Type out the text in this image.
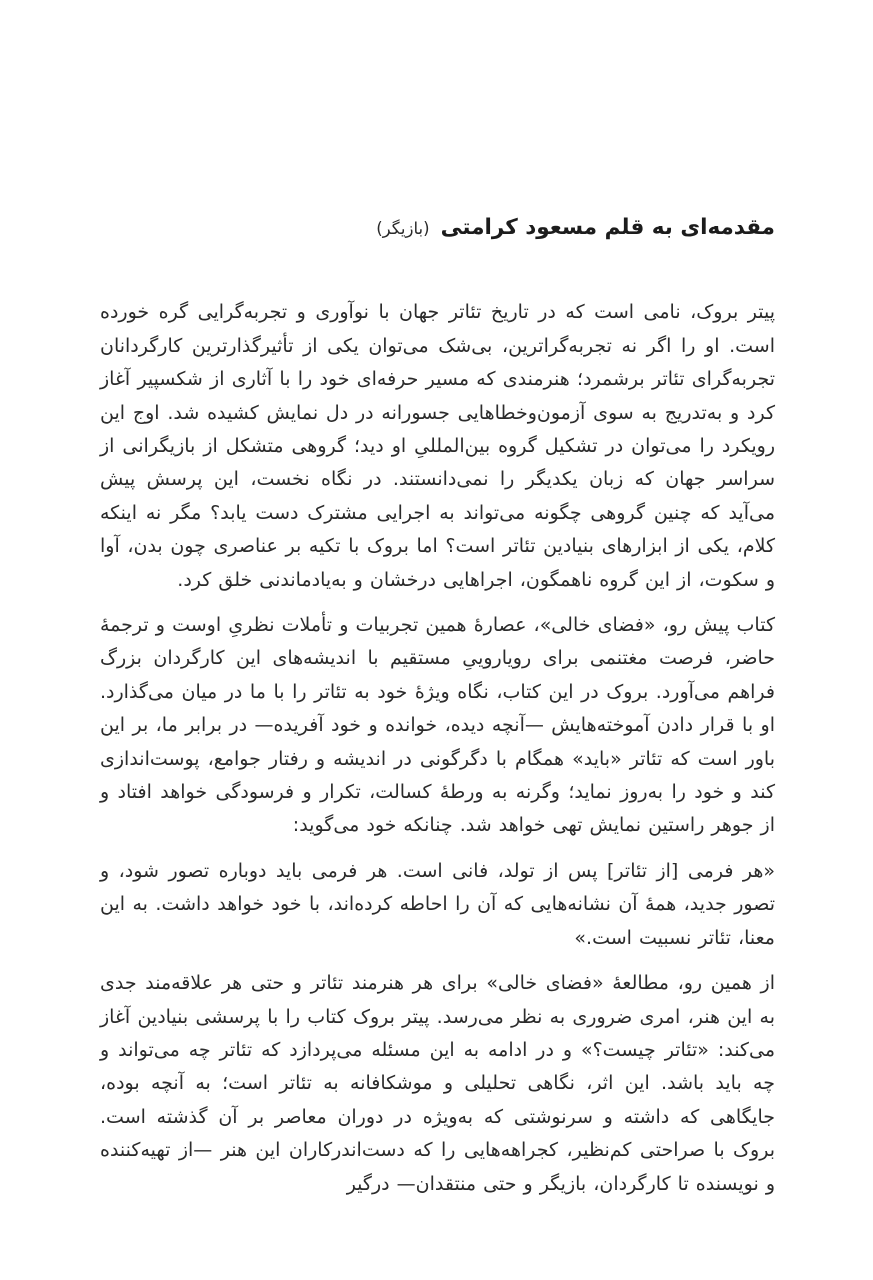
مقدمه‌ای به قلم مسعود کرامتی (بازیگر)

پیتر بروک، نامی است که در تاریخ تئاتر جهان با نوآوری و تجربه‌گرایی گره خورده است. او را اگر نه تجربه‌گراترین، بی‌شک می‌توان یکی از تأثیرگذارترین کارگردانان تجربه‌گرای تئاتر برشمرد؛ هنرمندی که مسیر حرفه‌ای خود را با آثاری از شکسپیر آغاز کرد و به‌تدریج به سوی آزمون‌وخطاهایی جسورانه در دل نمایش کشیده شد. اوج این رویکرد را می‌توان در تشکیل گروه بین‌المللیِ او دید؛ گروهی متشکل از بازیگرانی از سراسر جهان که زبان یکدیگر را نمی‌دانستند. در نگاه نخست، این پرسش پیش می‌آید که چنین گروهی چگونه می‌تواند به اجرایی مشترک دست یابد؟ مگر نه اینکه کلام، یکی از ابزارهای بنیادین تئاتر است؟ اما بروک با تکیه بر عناصری چون بدن، آوا و سکوت، از این گروه ناهمگون، اجراهایی درخشان و به‌یادماندنی خلق کرد.

کتاب پیش رو، «فضای خالی»، عصارهٔ همین تجربیات و تأملات نظریِ اوست و ترجمهٔ حاضر، فرصت مغتنمی برای رویاروییِ مستقیم با اندیشه‌های این کارگردان بزرگ فراهم می‌آورد. بروک در این کتاب، نگاه ویژهٔ خود به تئاتر را با ما در میان می‌گذارد. او با قرار دادن آموخته‌هایش —آنچه دیده، خوانده و خود آفریده— در برابر ما، بر این باور است که تئاتر «باید» همگام با دگرگونی در اندیشه و رفتار جوامع، پوست‌اندازی کند و خود را به‌روز نماید؛ وگرنه به ورطهٔ کسالت، تکرار و فرسودگی خواهد افتاد و از جوهر راستین نمایش تهی خواهد شد. چنانکه خود می‌گوید:

«هر فرمی [از تئاتر] پس از تولد، فانی است. هر فرمی باید دوباره تصور شود، و تصور جدید، همهٔ آن نشانه‌هایی که آن را احاطه کرده‌اند، با خود خواهد داشت. به این معنا، تئاتر نسبیت است.»

از همین رو، مطالعهٔ «فضای خالی» برای هر هنرمند تئاتر و حتی هر علاقه‌مند جدی به این هنر، امری ضروری به نظر می‌رسد. پیتر بروک کتاب را با پرسشی بنیادین آغاز می‌کند: «تئاتر چیست؟» و در ادامه به این مسئله می‌پردازد که تئاتر چه می‌تواند و چه باید باشد. این اثر، نگاهی تحلیلی و موشکافانه به تئاتر است؛ به آنچه بوده، جایگاهی که داشته و سرنوشتی که به‌ویژه در دوران معاصر بر آن گذشته است. بروک با صراحتی کم‌نظیر، کجراهه‌هایی را که دست‌اندرکاران این هنر —از تهیه‌کننده و نویسنده تا کارگردان، بازیگر و حتی منتقدان— درگیر
